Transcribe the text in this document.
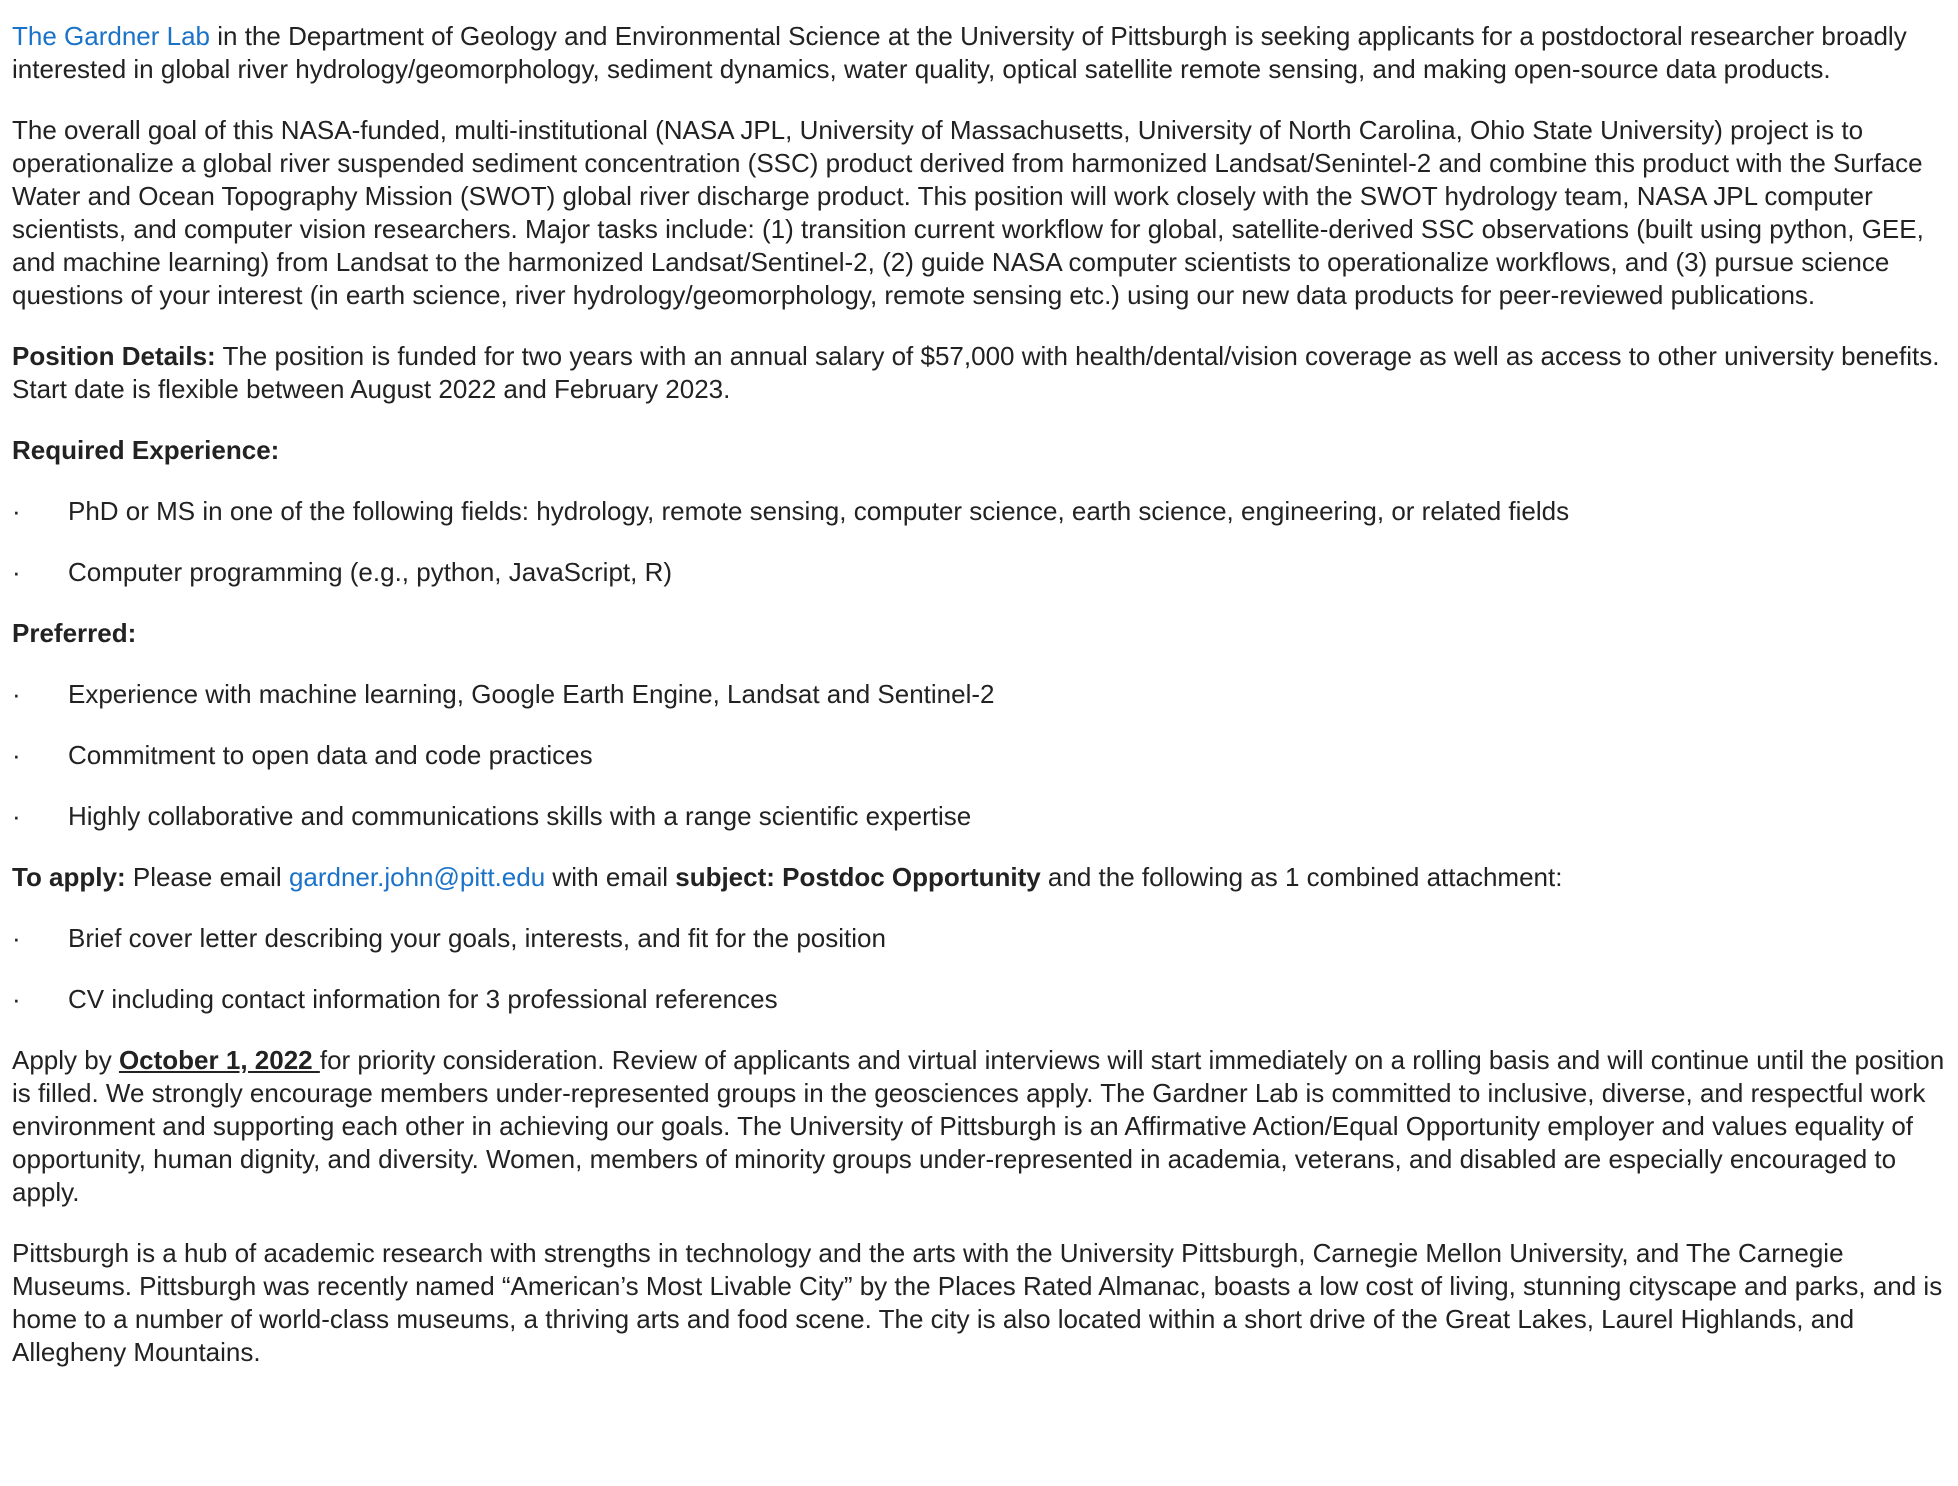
The Gardner Lab in the Department of Geology and Environmental Science at the University of Pittsburgh is seeking applicants for a postdoctoral researcher broadly interested in global river hydrology/geomorphology, sediment dynamics, water quality, optical satellite remote sensing, and making open-source data products.

The overall goal of this NASA-funded, multi-institutional (NASA JPL, University of Massachusetts, University of North Carolina, Ohio State University) project is to operationalize a global river suspended sediment concentration (SSC) product derived from harmonized Landsat/Senintel-2 and combine this product with the Surface Water and Ocean Topography Mission (SWOT) global river discharge product. This position will work closely with the SWOT hydrology team, NASA JPL computer scientists, and computer vision researchers. Major tasks include: (1) transition current workflow for global, satellite-derived SSC observations (built using python, GEE, and machine learning) from Landsat to the harmonized Landsat/Sentinel-2, (2) guide NASA computer scientists to operationalize workflows, and (3) pursue science questions of your interest (in earth science, river hydrology/geomorphology, remote sensing etc.) using our new data products for peer-reviewed publications.

Position Details: The position is funded for two years with an annual salary of $57,000 with health/dental/vision coverage as well as access to other university benefits. Start date is flexible between August 2022 and February 2023.

Required Experience:

· PhD or MS in one of the following fields: hydrology, remote sensing, computer science, earth science, engineering, or related fields
· Computer programming (e.g., python, JavaScript, R)

Preferred:

· Experience with machine learning, Google Earth Engine, Landsat and Sentinel-2
· Commitment to open data and code practices
· Highly collaborative and communications skills with a range scientific expertise

To apply: Please email gardner.john@pitt.edu with email subject: Postdoc Opportunity and the following as 1 combined attachment:

· Brief cover letter describing your goals, interests, and fit for the position
· CV including contact information for 3 professional references

Apply by October 1, 2022 for priority consideration. Review of applicants and virtual interviews will start immediately on a rolling basis and will continue until the position is filled. We strongly encourage members under-represented groups in the geosciences apply. The Gardner Lab is committed to inclusive, diverse, and respectful work environment and supporting each other in achieving our goals. The University of Pittsburgh is an Affirmative Action/Equal Opportunity employer and values equality of opportunity, human dignity, and diversity. Women, members of minority groups under-represented in academia, veterans, and disabled are especially encouraged to apply.

Pittsburgh is a hub of academic research with strengths in technology and the arts with the University Pittsburgh, Carnegie Mellon University, and The Carnegie Museums. Pittsburgh was recently named “American’s Most Livable City” by the Places Rated Almanac, boasts a low cost of living, stunning cityscape and parks, and is home to a number of world-class museums, a thriving arts and food scene. The city is also located within a short drive of the Great Lakes, Laurel Highlands, and Allegheny Mountains.
